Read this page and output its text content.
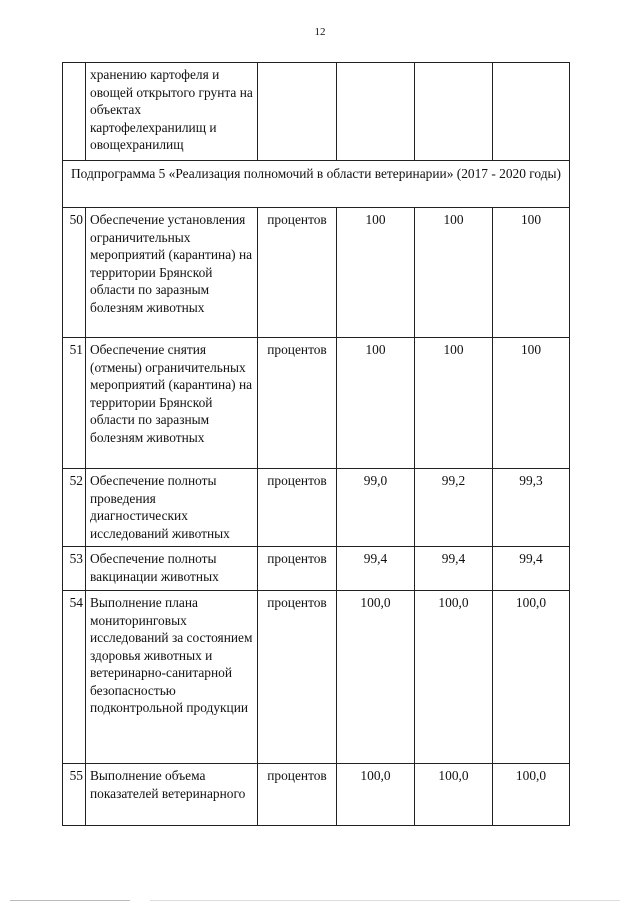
12
	хранению картофеля и овощей открытого грунта на объектах картофелехранилищ и овощехранилищ				
Подпрограмма 5 «Реализация полномочий в области ветеринарии» (2017 - 2020 годы)					
50	Обеспечение установления ограничительных мероприятий (карантина) на территории Брянской области по заразным болезням животных	процентов	100	100	100
51	Обеспечение снятия (отмены) ограничительных мероприятий (карантина) на территории Брянской области по заразным болезням животных	процентов	100	100	100
52	Обеспечение полноты проведения диагностических исследований животных	процентов	99,0	99,2	99,3
53	Обеспечение полноты вакцинации животных	процентов	99,4	99,4	99,4
54	Выполнение плана мониторинговых исследований за состоянием здоровья животных и ветеринарно-санитарной безопасностью подконтрольной продукции	процентов	100,0	100,0	100,0
55	Выполнение объема показателей ветеринарного	процентов	100,0	100,0	100,0
